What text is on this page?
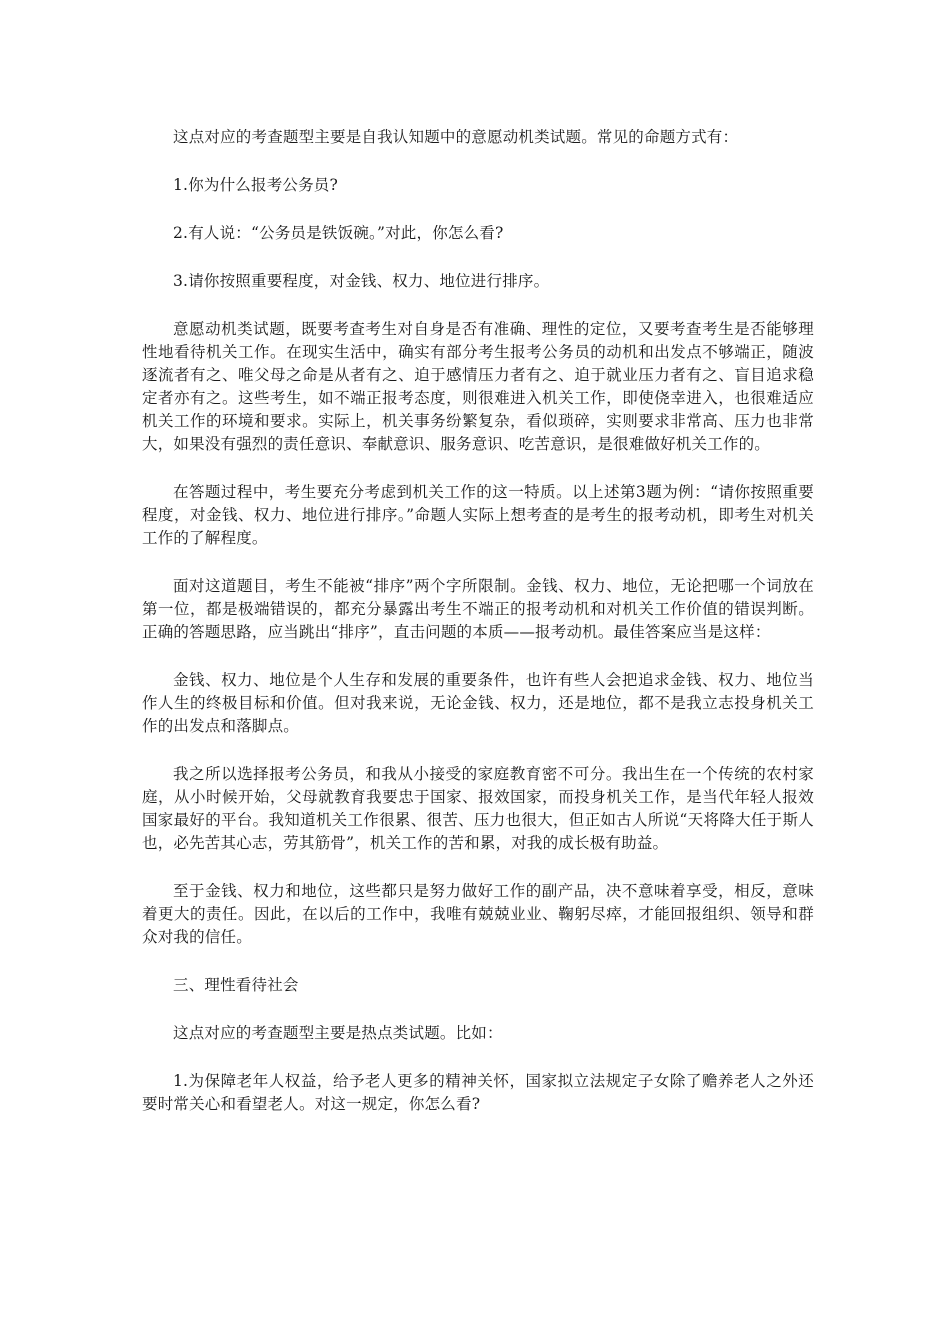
这点对应的考查题型主要是自我认知题中的意愿动机类试题。常见的命题方式有：

1.你为什么报考公务员?

2.有人说：“公务员是铁饭碗。”对此，你怎么看?

3.请你按照重要程度，对金钱、权力、地位进行排序。

意愿动机类试题，既要考查考生对自身是否有准确、理性的定位，又要考查考生是否能够理性地看待机关工作。在现实生活中，确实有部分考生报考公务员的动机和出发点不够端正，随波逐流者有之、唯父母之命是从者有之、迫于感情压力者有之、迫于就业压力者有之、盲目追求稳定者亦有之。这些考生，如不端正报考态度，则很难进入机关工作，即使侥幸进入，也很难适应机关工作的环境和要求。实际上，机关事务纷繁复杂，看似琐碎，实则要求非常高、压力也非常大，如果没有强烈的责任意识、奉献意识、服务意识、吃苦意识，是很难做好机关工作的。

在答题过程中，考生要充分考虑到机关工作的这一特质。以上述第3题为例：“请你按照重要程度，对金钱、权力、地位进行排序。”命题人实际上想考查的是考生的报考动机，即考生对机关工作的了解程度。

面对这道题目，考生不能被“排序”两个字所限制。金钱、权力、地位，无论把哪一个词放在第一位，都是极端错误的，都充分暴露出考生不端正的报考动机和对机关工作价值的错误判断。正确的答题思路，应当跳出“排序”，直击问题的本质——报考动机。最佳答案应当是这样：

金钱、权力、地位是个人生存和发展的重要条件，也许有些人会把追求金钱、权力、地位当作人生的终极目标和价值。但对我来说，无论金钱、权力，还是地位，都不是我立志投身机关工作的出发点和落脚点。

我之所以选择报考公务员，和我从小接受的家庭教育密不可分。我出生在一个传统的农村家庭，从小时候开始，父母就教育我要忠于国家、报效国家，而投身机关工作，是当代年轻人报效国家最好的平台。我知道机关工作很累、很苦、压力也很大，但正如古人所说“天将降大任于斯人也，必先苦其心志，劳其筋骨”，机关工作的苦和累，对我的成长极有助益。

至于金钱、权力和地位，这些都只是努力做好工作的副产品，决不意味着享受，相反，意味着更大的责任。因此，在以后的工作中，我唯有兢兢业业、鞠躬尽瘁，才能回报组织、领导和群众对我的信任。

三、理性看待社会

这点对应的考查题型主要是热点类试题。比如：

1.为保障老年人权益，给予老人更多的精神关怀，国家拟立法规定子女除了赡养老人之外还要时常关心和看望老人。对这一规定，你怎么看?
